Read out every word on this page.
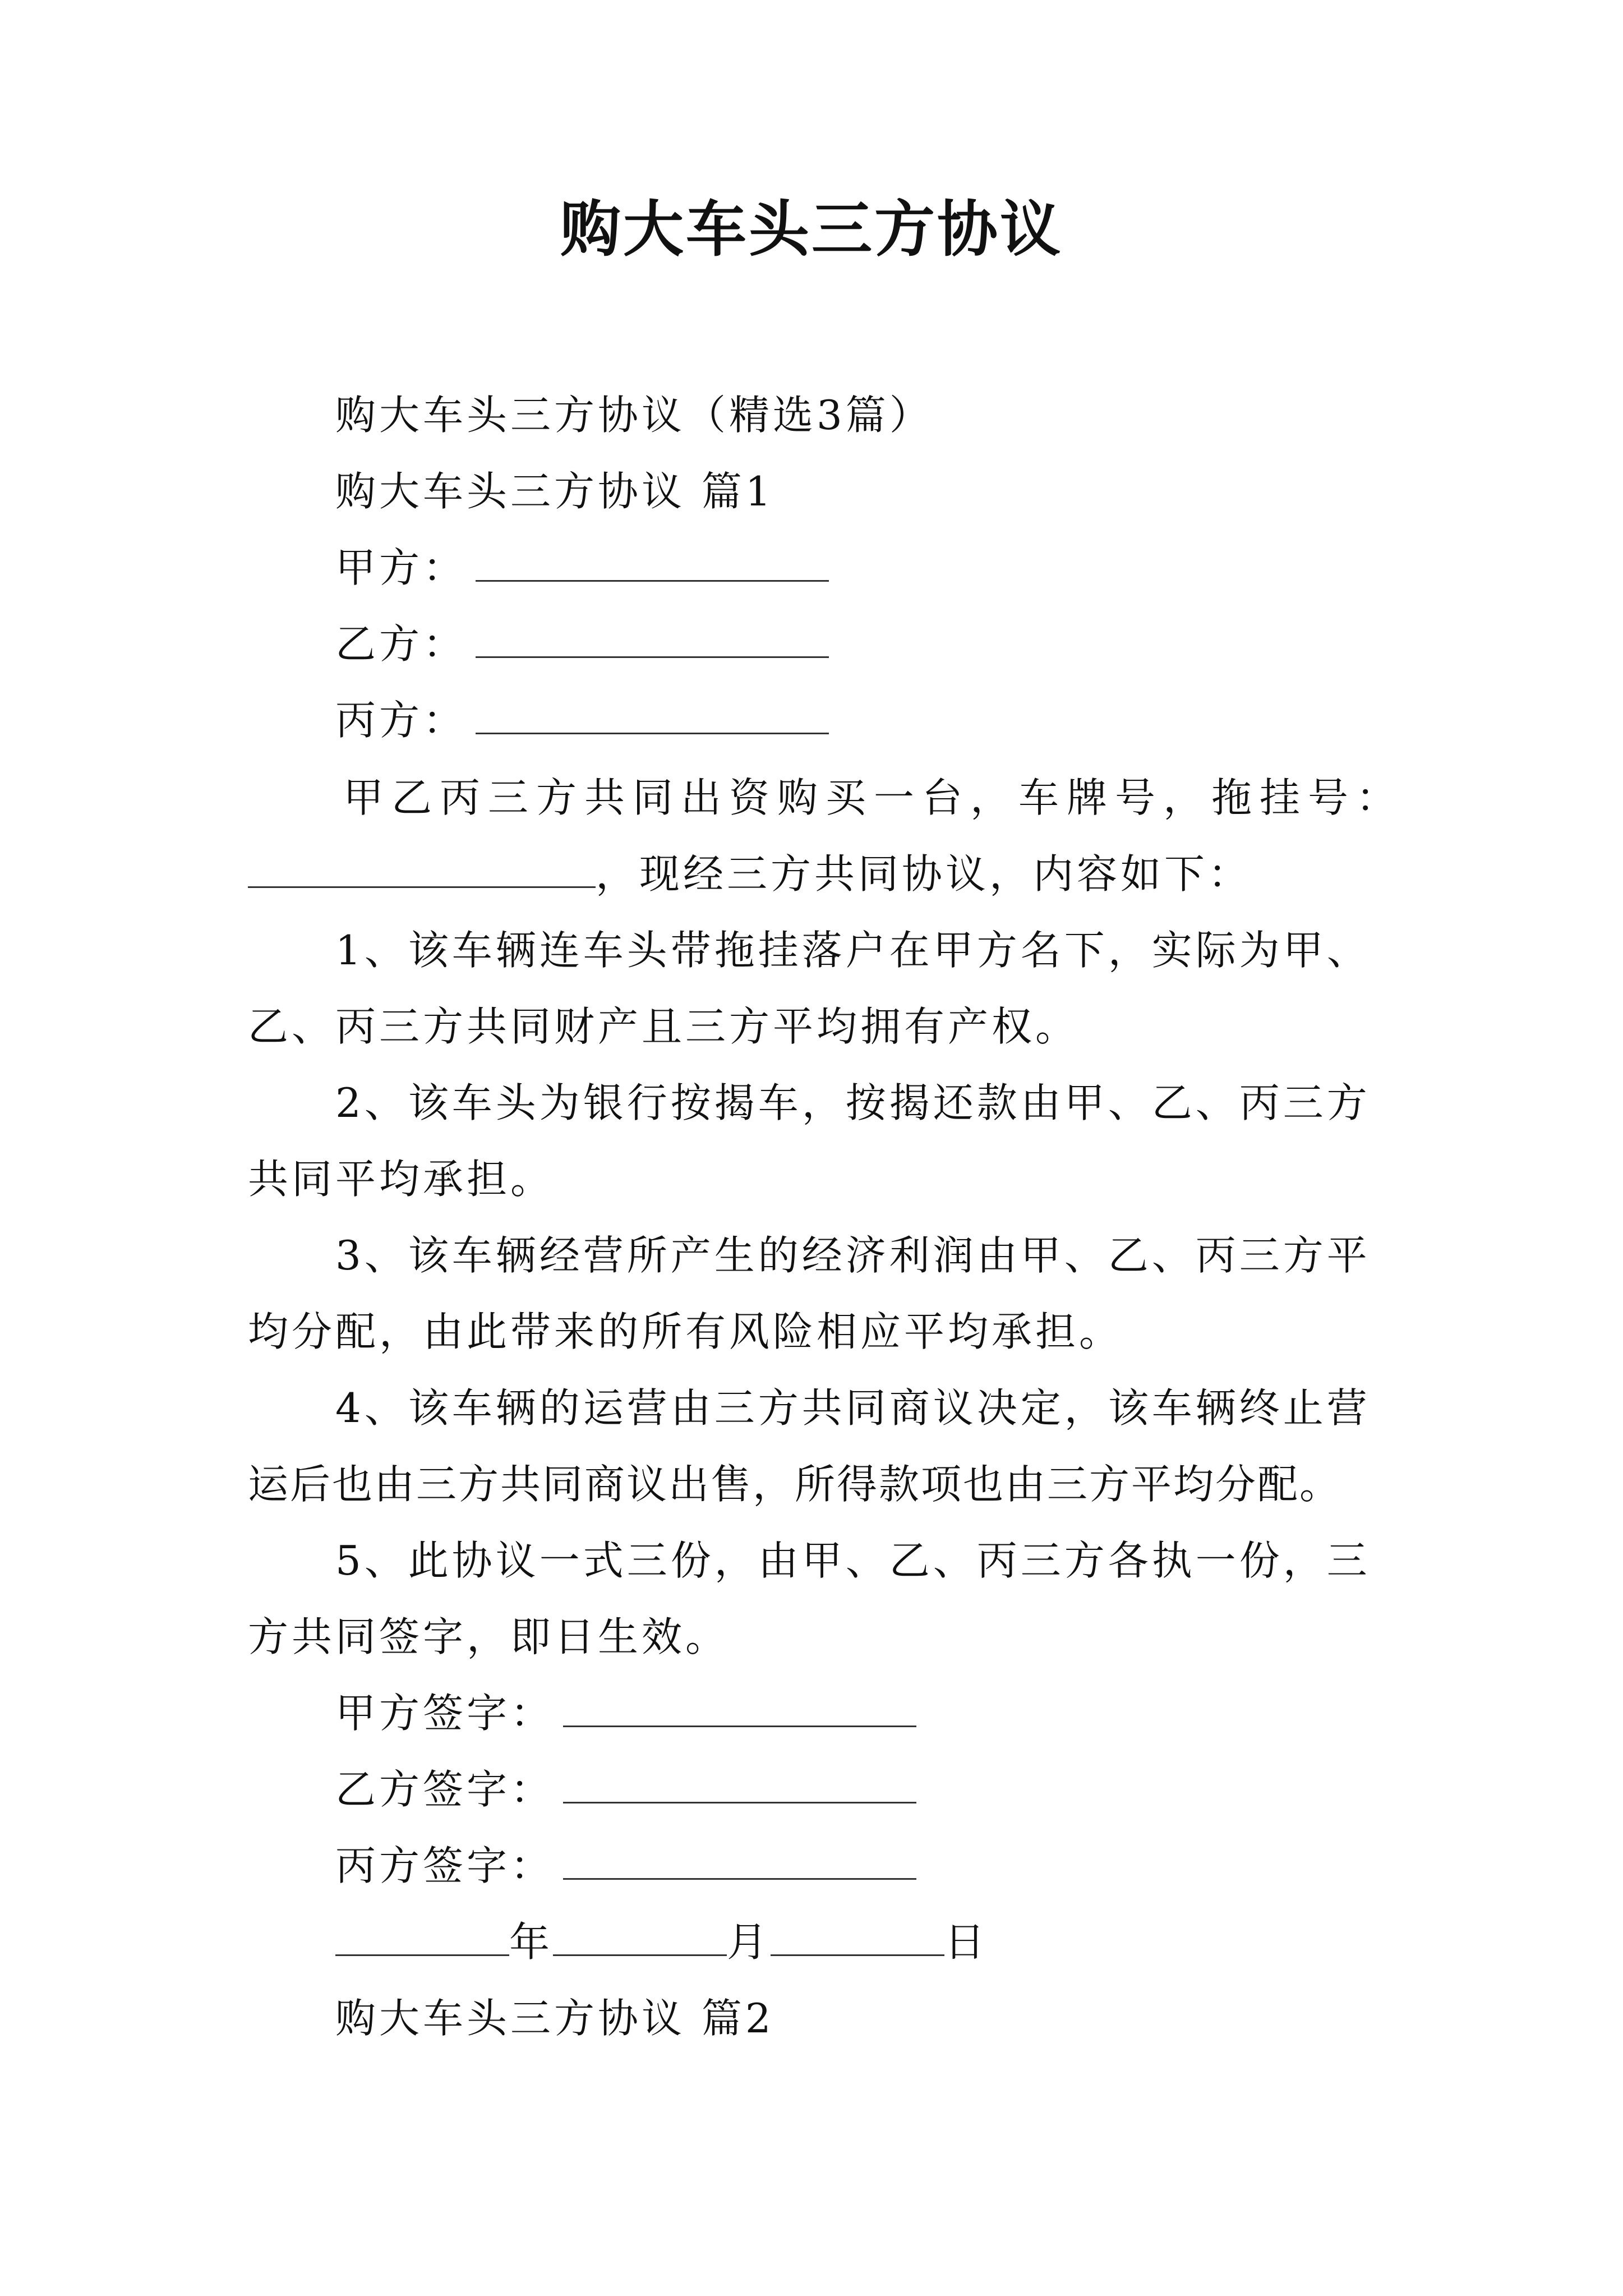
购大车头三方协议
购大车头三方协议（精选3篇）
购大车头三方协议 篇1
甲方：
乙方：
丙方：
甲乙丙三方共同出资购买一台，车牌号，拖挂号：
，现经三方共同协议，内容如下：
1、该车辆连车头带拖挂落户在甲方名下，实际为甲、
乙、丙三方共同财产且三方平均拥有产权。
2、该车头为银行按揭车，按揭还款由甲、乙、丙三方
共同平均承担。
3、该车辆经营所产生的经济利润由甲、乙、丙三方平
均分配，由此带来的所有风险相应平均承担。
4、该车辆的运营由三方共同商议决定，该车辆终止营
运后也由三方共同商议出售，所得款项也由三方平均分配。
5、此协议一式三份，由甲、乙、丙三方各执一份，三
方共同签字，即日生效。
甲方签字：
乙方签字：
丙方签字：
年	月	日
购大车头三方协议 篇2
